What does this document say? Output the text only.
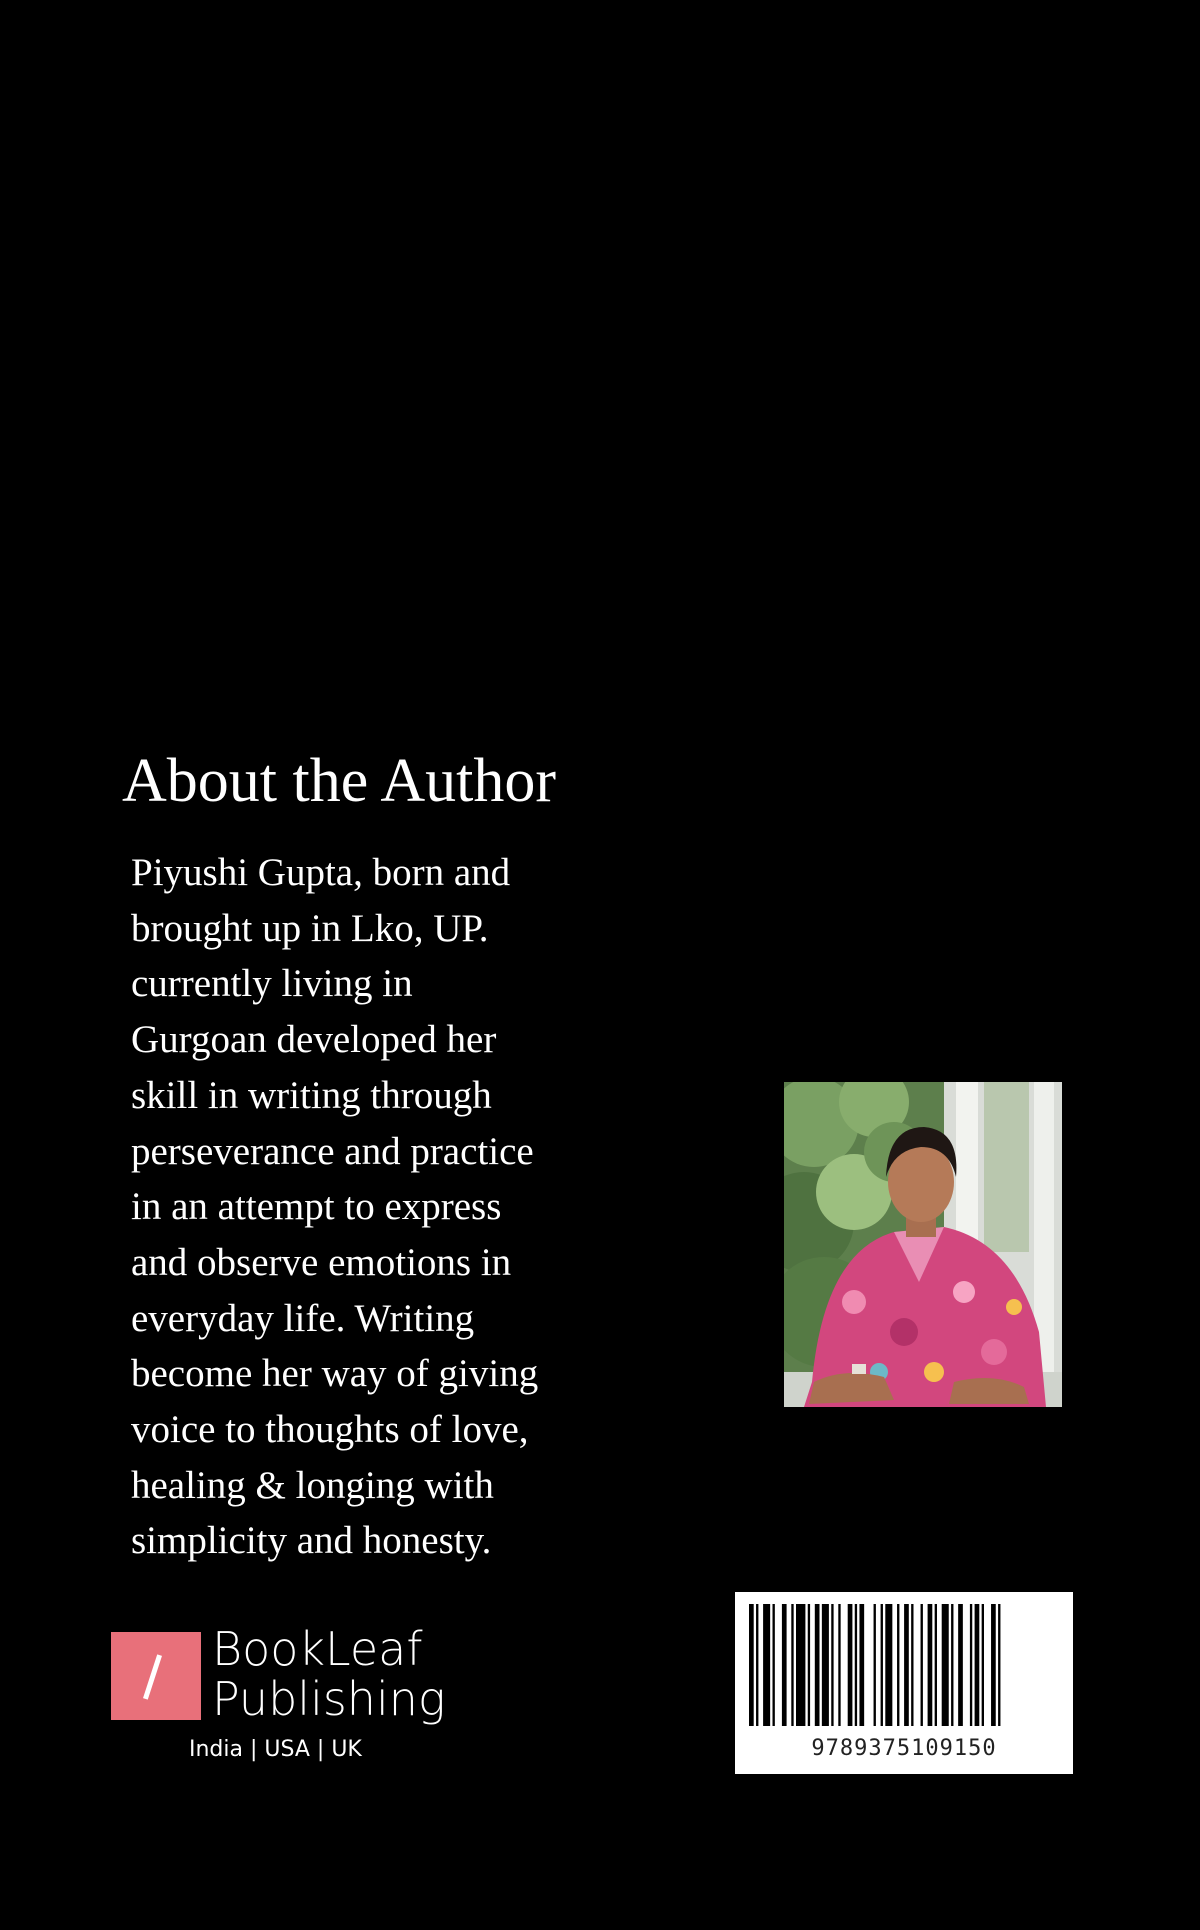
About the Author
Piyushi Gupta, born and
brought up in Lko, UP.
currently living in
Gurgoan developed her
skill in writing through
perseverance and practice
in an attempt to express
and observe emotions in
everyday life. Writing
become her way of giving
voice to thoughts of love,
healing & longing with
simplicity and honesty.
BookLeaf
Publishing
India | USA | UK	9789375109150
